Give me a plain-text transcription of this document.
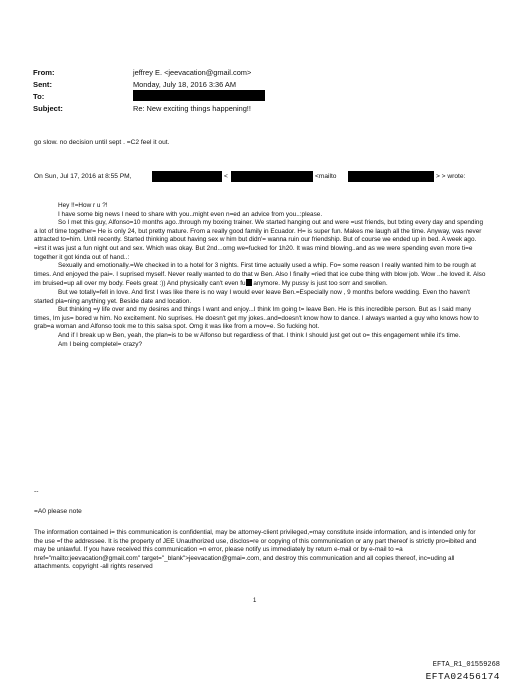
From:	jeffrey E. <jeevacation@gmail.com>
Sent:	Monday, July 18, 2016 3:36 AM
To:
Subject:	Re: New exciting things happening!!
go slow. no decision until sept . =C2 feel it out.
On Sun, Jul 17, 2016 at 8:55 PM,	<	<mailto	> > wrote:

Hey !!=How r u ?!

I have some big news I need to share with you..might even n=ed an advice from you..:please.

So I met this guy, Alfonso=10 months ago..through my boxing trainer. We started hanging out and were =ust friends, but txting every day and spending a lot of time together= He is only 24, but pretty mature. From a really good family in Ecuador. H= is super fun. Makes me laugh all the time. Anyway, was never attracted to=him. Until recently. Started thinking about having sex w him but didn'= wanna ruin our friendship. But of course we ended up in bed. A week ago. =irst it was just a fun night out and sex. Which was okay. But 2nd...omg we=fucked for 1h20. It was mind blowing..and as we were spending even more ti=e together it got kinda out of hand..:

Sexually and emotionally.=We checked in to a hotel for 3 nights. First time actually used a whip. Fo= some reason I really wanted him to be rough at times. And enjoyed the pai=. I suprised myself. Never really wanted to do that w Ben. Also I finally =ried that ice cube thing with blow job. Wow ..he loved it. Also im bruised=up all over my body. Feels great :)) And physically can't even fu anymore. My pussy is just too sorr and swollen.

But we totally=fell in love. And first I was like there is no way I would ever leave Ben.=Especially now , 9 months before wedding. Even tho haven't started pla=ning anything yet. Beside date and location.

But thinking =y life over and my desires and things I want and enjoy...I think Im going t= leave Ben. He is this incredible person. But as I said many times, Im jus= bored w him. No excitement. No suprises. He doesn't get my jokes..and=doesn't know how to dance. I always wanted a guy who knows how to grab=a woman and Alfonso took me to this salsa spot. Omg it was like from a mov=e. So fucking hot.

And if I break up w Ben, yeah, the plan=is to be w Alfonso but regardless of that. I think I should just get out o= this engagement while it's time.

Am I being completel= crazy?

--
=A0 please note
The information contained i= this communication is confidential, may be attorney-client privileged,=may constitute inside information, and is intended only for the use =f the addressee. It is the property of JEE Unauthorized use, disclos=re or copying of this communication or any part thereof is strictly pro=ibited and may be unlawful. If you have received this communication =n error, please notify us immediately by return e-mail or by e-mail to =a href="mailto:jeevacation@gmail.com" target="_blank">jeevacation@gmai=.com, and destroy this communication and all copies thereof, inc=uding all attachments. copyright -all rights reserved
1
EFTA_R1_01559268
EFTA02456174
